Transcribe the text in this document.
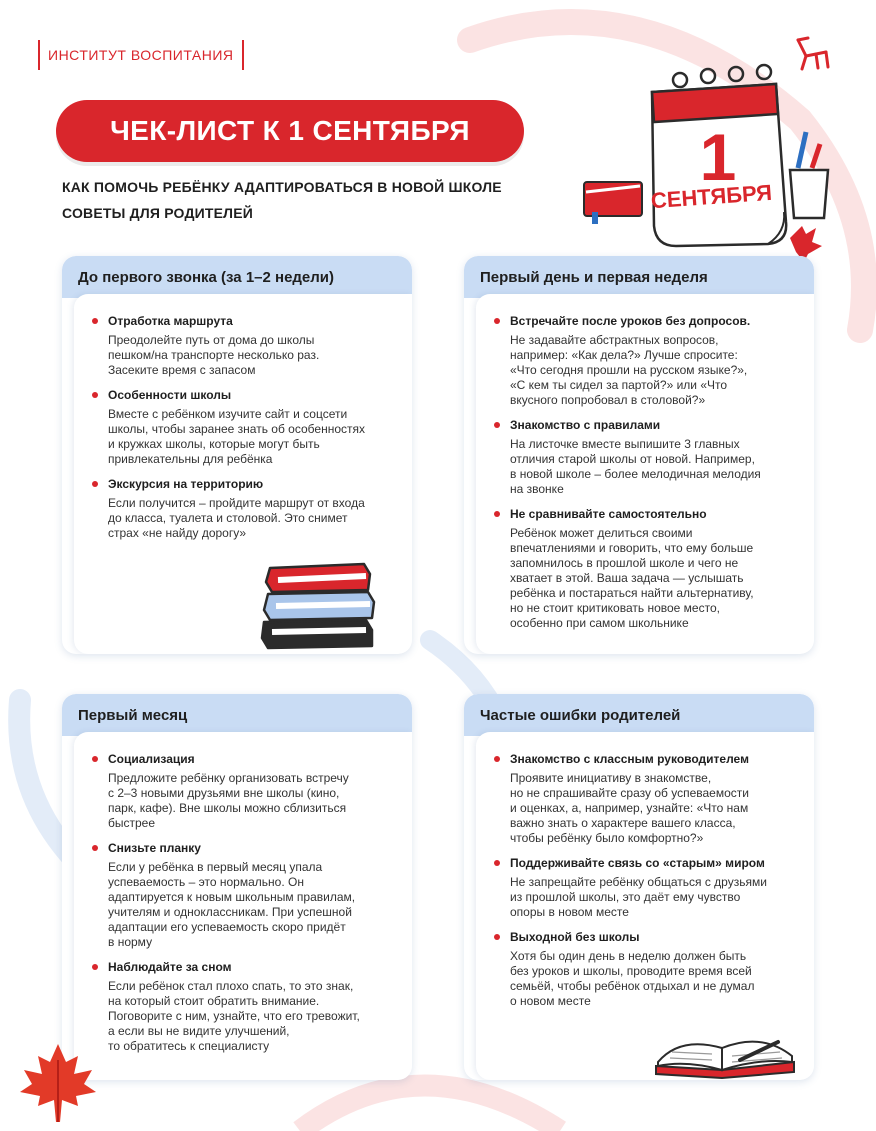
ИНСТИТУТ ВОСПИТАНИЯ
ЧЕК-ЛИСТ К 1 СЕНТЯБРЯ
КАК ПОМОЧЬ РЕБЁНКУ АДАПТИРОВАТЬСЯ В НОВОЙ ШКОЛЕ
СОВЕТЫ ДЛЯ РОДИТЕЛЕЙ
1
СЕНТЯБРЯ
До первого звонка (за 1–2 недели)
Отработка маршрута
Преодолейте путь от дома до школы
пешком/на транспорте несколько раз.
Засеките время с запасом
Особенности школы
Вместе с ребёнком изучите сайт и соцсети
школы, чтобы заранее знать об особенностях
и кружках школы, которые могут быть
привлекательны для ребёнка
Экскурсия на территорию
Если получится – пройдите маршрут от входа
до класса, туалета и столовой. Это снимет
страх «не найду дорогу»
Первый день и первая неделя
Встречайте после уроков без допросов.
Не задавайте абстрактных вопросов,
например: «Как дела?» Лучше спросите:
«Что сегодня прошли на русском языке?»,
«С кем ты сидел за партой?» или «Что
вкусного попробовал в столовой?»
Знакомство с правилами
На листочке вместе выпишите 3 главных
отличия старой школы от новой. Например,
в новой школе – более мелодичная мелодия
на звонке
Не сравнивайте самостоятельно
Ребёнок может делиться своими
впечатлениями и говорить, что ему больше
запомнилось в прошлой школе и чего не
хватает в этой. Ваша задача — услышать
ребёнка и постараться найти альтернативу,
но не стоит критиковать новое место,
особенно при самом школьнике
Первый месяц
Социализация
Предложите ребёнку организовать встречу
с 2–3 новыми друзьями вне школы (кино,
парк, кафе). Вне школы можно сблизиться
быстрее
Снизьте планку
Если у ребёнка в первый месяц упала
успеваемость – это нормально. Он
адаптируется к новым школьным правилам,
учителям и одноклассникам. При успешной
адаптации его успеваемость скоро придёт
в норму
Наблюдайте за сном
Если ребёнок стал плохо спать, то это знак,
на который стоит обратить внимание.
Поговорите с ним, узнайте, что его тревожит,
а если вы не видите улучшений,
то обратитесь к специалисту
Частые ошибки родителей
Знакомство с классным руководителем
Проявите инициативу в знакомстве,
но не спрашивайте сразу об успеваемости
и оценках, а, например, узнайте: «Что нам
важно знать о характере вашего класса,
чтобы ребёнку было комфортно?»
Поддерживайте связь со «старым» миром
Не запрещайте ребёнку общаться с друзьями
из прошлой школы, это даёт ему чувство
опоры в новом месте
Выходной без школы
Хотя бы один день в неделю должен быть
без уроков и школы, проводите время всей
семьёй, чтобы ребёнок отдыхал и не думал
о новом месте
